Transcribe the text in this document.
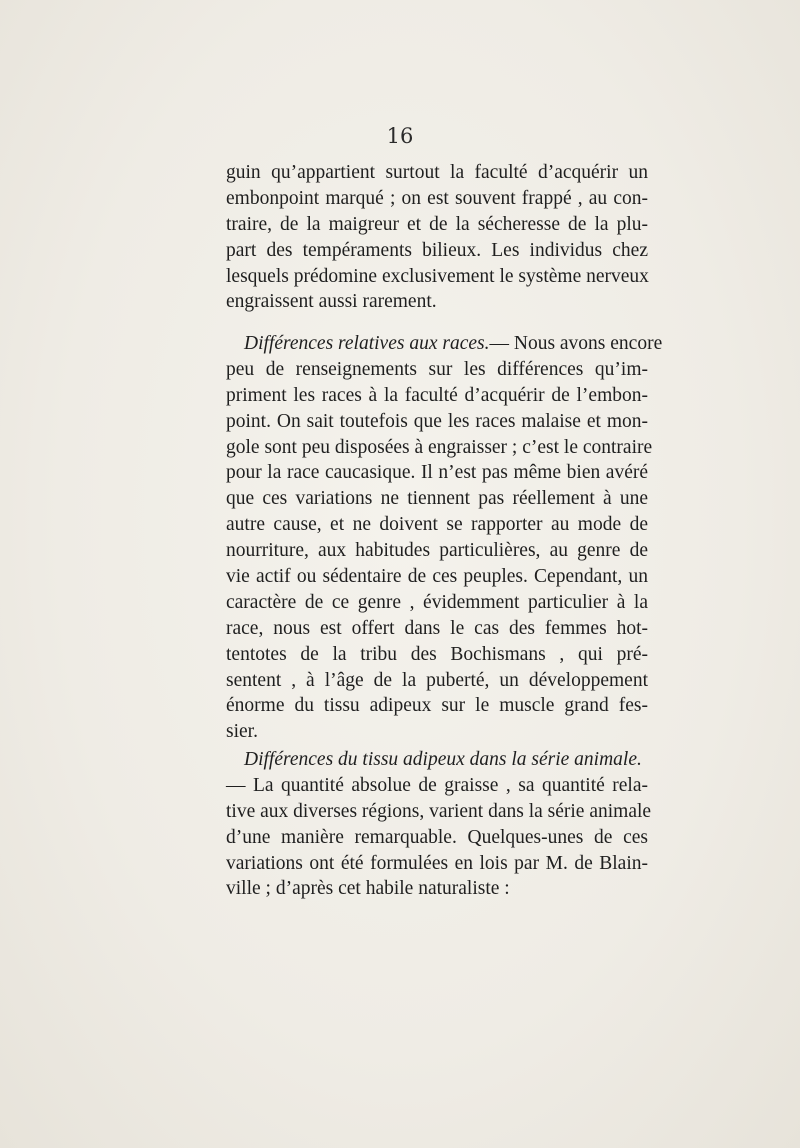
16
guin qu’appartient surtout la faculté d’acquérir un
embonpoint marqué ; on est souvent frappé , au con-
traire, de la maigreur et de la sécheresse de la plu-
part des tempéraments bilieux. Les individus chez
lesquels prédomine exclusivement le système nerveux
engraissent aussi rarement.
Différences relatives aux races.— Nous avons encore
peu de renseignements sur les différences qu’im-
priment les races à la faculté d’acquérir de l’embon-
point. On sait toutefois que les races malaise et mon-
gole sont peu disposées à engraisser ; c’est le contraire
pour la race caucasique. Il n’est pas même bien avéré
que ces variations ne tiennent pas réellement à une
autre cause, et ne doivent se rapporter au mode de
nourriture, aux habitudes particulières, au genre de
vie actif ou sédentaire de ces peuples. Cependant, un
caractère de ce genre , évidemment particulier à la
race, nous est offert dans le cas des femmes hot-
tentotes de la tribu des Bochismans , qui pré-
sentent , à l’âge de la puberté, un développement
énorme du tissu adipeux sur le muscle grand fes-
sier.
Différences du tissu adipeux dans la série animale.
— La quantité absolue de graisse , sa quantité rela-
tive aux diverses régions, varient dans la série animale
d’une manière remarquable. Quelques-unes de ces
variations ont été formulées en lois par M. de Blain-
ville ; d’après cet habile naturaliste :
